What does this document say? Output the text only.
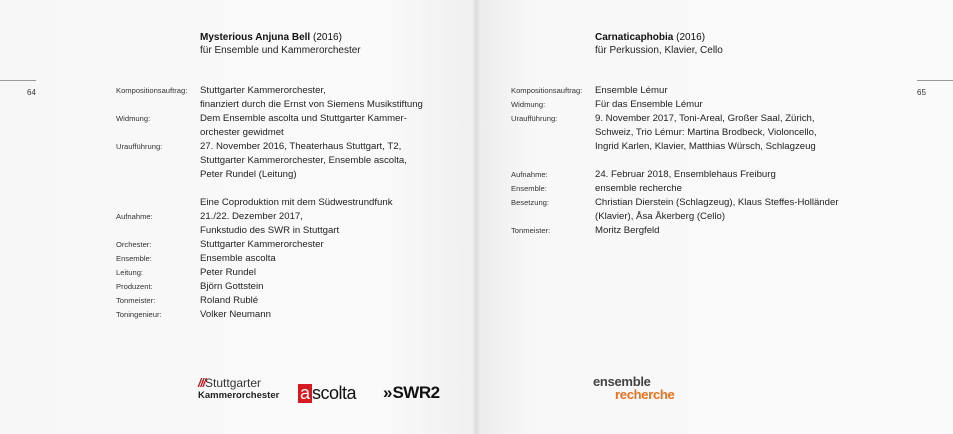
64
Mysterious Anjuna Bell (2016)
für Ensemble und Kammerorchester
Kompositionsauftrag: Stuttgarter Kammerorchester,
finanziert durch die Ernst von Siemens Musikstiftung
Widmung:	Dem Ensemble ascolta und Stuttgarter Kammer-
orchester gewidmet
Uraufführung:	27. November 2016, Theaterhaus Stuttgart, T2,
Stuttgarter Kammerorchester, Ensemble ascolta,
Peter Rundel (Leitung)
Eine Coproduktion mit dem Südwestrundfunk
Aufnahme:	21./22. Dezember 2017,
Funkstudio des SWR in Stuttgart
Orchester:	Stuttgarter Kammerorchester
Ensemble:	Ensemble ascolta
Leitung:	Peter Rundel
Produzent:	Björn Gottstein
Tonmeister:	Roland Rublé
Toningenieur:	Volker Neumann
///Stuttgarter
Kammerorchester a scolta » SWR2
65
Carnaticaphobia (2016)
für Perkussion, Klavier, Cello
Kompositionsauftrag: Ensemble Lémur
Widmung:	Für das Ensemble Lémur
Uraufführung:	9. November 2017, Toni-Areal, Großer Saal, Zürich,
Schweiz, Trio Lémur: Martina Brodbeck, Violoncello,
Ingrid Karlen, Klavier, Matthias Würsch, Schlagzeug
Aufnahme:	24. Februar 2018, Ensemblehaus Freiburg
Ensemble:	ensemble recherche
Besetzung:	Christian Dierstein (Schlagzeug), Klaus Steffes-Holländer
(Klavier), Åsa Åkerberg (Cello)
Tonmeister:	Moritz Bergfeld
ensemble
recherche
